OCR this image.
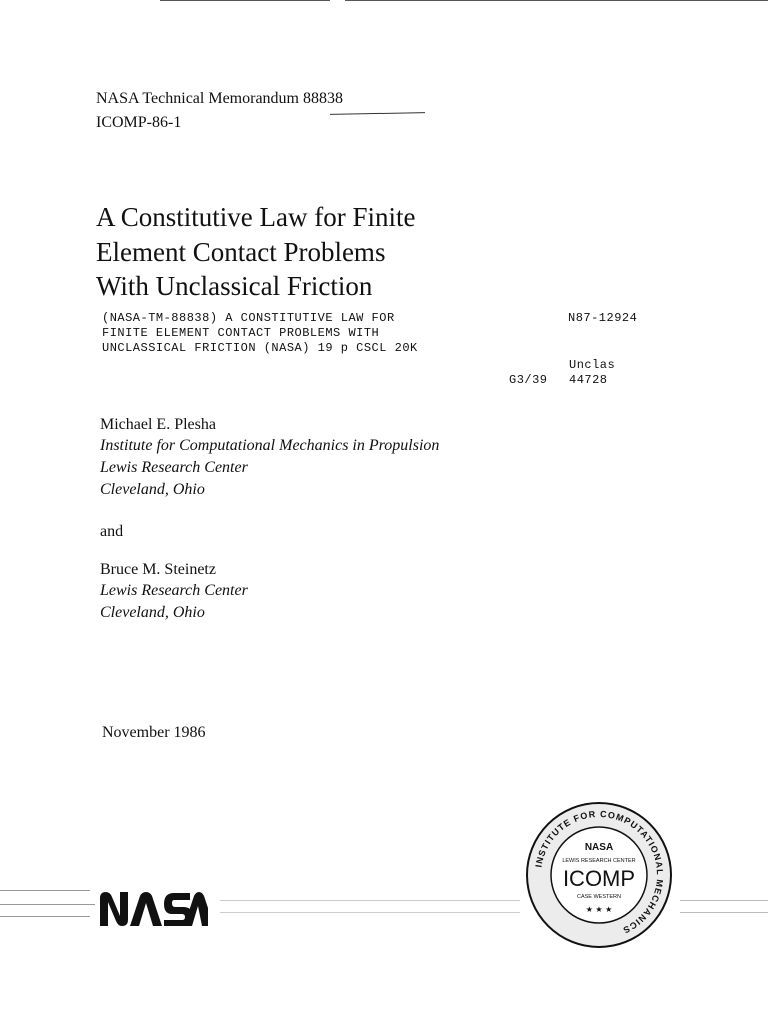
NASA Technical Memorandum 88838
ICOMP-86-1
A Constitutive Law for Finite
Element Contact Problems
With Unclassical Friction
(NASA-TM-88838) A CONSTITUTIVE LAW FOR
FINITE ELEMENT CONTACT PROBLEMS WITH
UNCLASSICAL FRICTION (NASA) 19 p CSCL 20K
N87-12924
Unclas
G3/39 44728
Michael E. Plesha
Institute for Computational Mechanics in Propulsion
Lewis Research Center
Cleveland, Ohio
and
Bruce M. Steinetz
Lewis Research Center
Cleveland, Ohio
November 1986
INSTITUTE FOR COMPUTATIONAL MECHANICS
NASA
LEWIS RESEARCH CENTER
ICOMP
CASE WESTERN
★ ★ ★
